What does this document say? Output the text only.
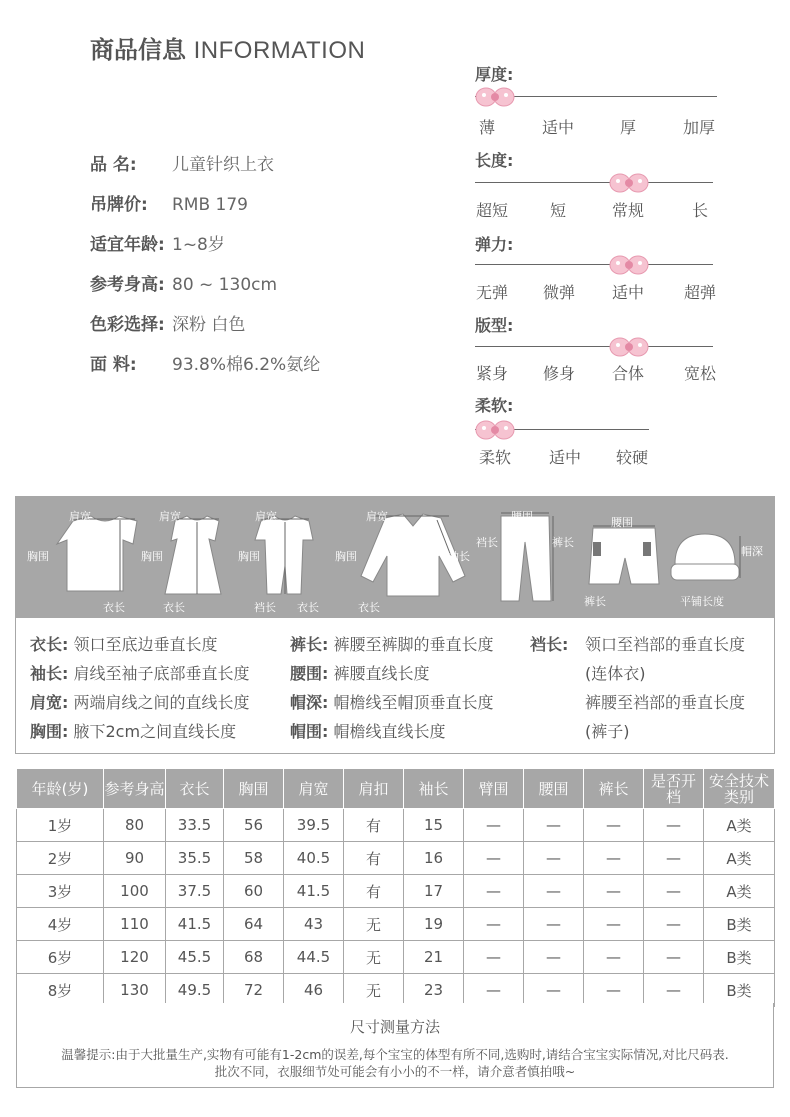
商品信息 INFORMATION
品 名: 儿童针织上衣
吊牌价: RMB 179
适宜年龄: 1~8岁
参考身高: 80 ~ 130cm
色彩选择: 深粉 白色
面 料: 93.8%棉6.2%氨纶
厚度:
薄	适中	厚	加厚
长度:
超短	短	常规	长
弹力:
无弹	微弹	适中	超弹
版型:
紧身	修身	合体	宽松
柔软:
柔软	适中	较硬
肩宽
胸围
衣长
肩宽
胸围
衣长
肩宽
胸围
裆长 衣长
肩宽
胸围	袖长
衣长
腰围
裆长	裤长
腰围
裤长
帽深
平铺长度
衣长: 领口至底边垂直长度
袖长: 肩线至袖子底部垂直长度
肩宽: 两端肩线之间的直线长度
胸围: 腋下2cm之间直线长度
裤长: 裤腰至裤脚的垂直长度
腰围: 裤腰直线长度
帽深: 帽檐线至帽顶垂直长度
帽围: 帽檐线直线长度
裆长: 领口至裆部的垂直长度
(连体衣)
裤腰至裆部的垂直长度
(裤子)
年龄(岁)	参考身高	衣长	胸围	肩宽	肩扣	袖长	臂围	腰围	裤长	是否开档	安全技术类别
1岁	80	33.5	56	39.5	有	15	—	—	—	—	A类
2岁	90	35.5	58	40.5	有	16	—	—	—	—	A类
3岁	100	37.5	60	41.5	有	17	—	—	—	—	A类
4岁	110	41.5	64	43	无	19	—	—	—	—	B类
6岁	120	45.5	68	44.5	无	21	—	—	—	—	B类
8岁	130	49.5	72	46	无	23	—	—	—	—	B类
尺寸测量方法
温馨提示:由于大批量生产,实物有可能有1-2cm的误差,每个宝宝的体型有所不同,选购时,请结合宝宝实际情况,对比尺码表.
批次不同，衣服细节处可能会有小小的不一样，请介意者慎拍哦~
